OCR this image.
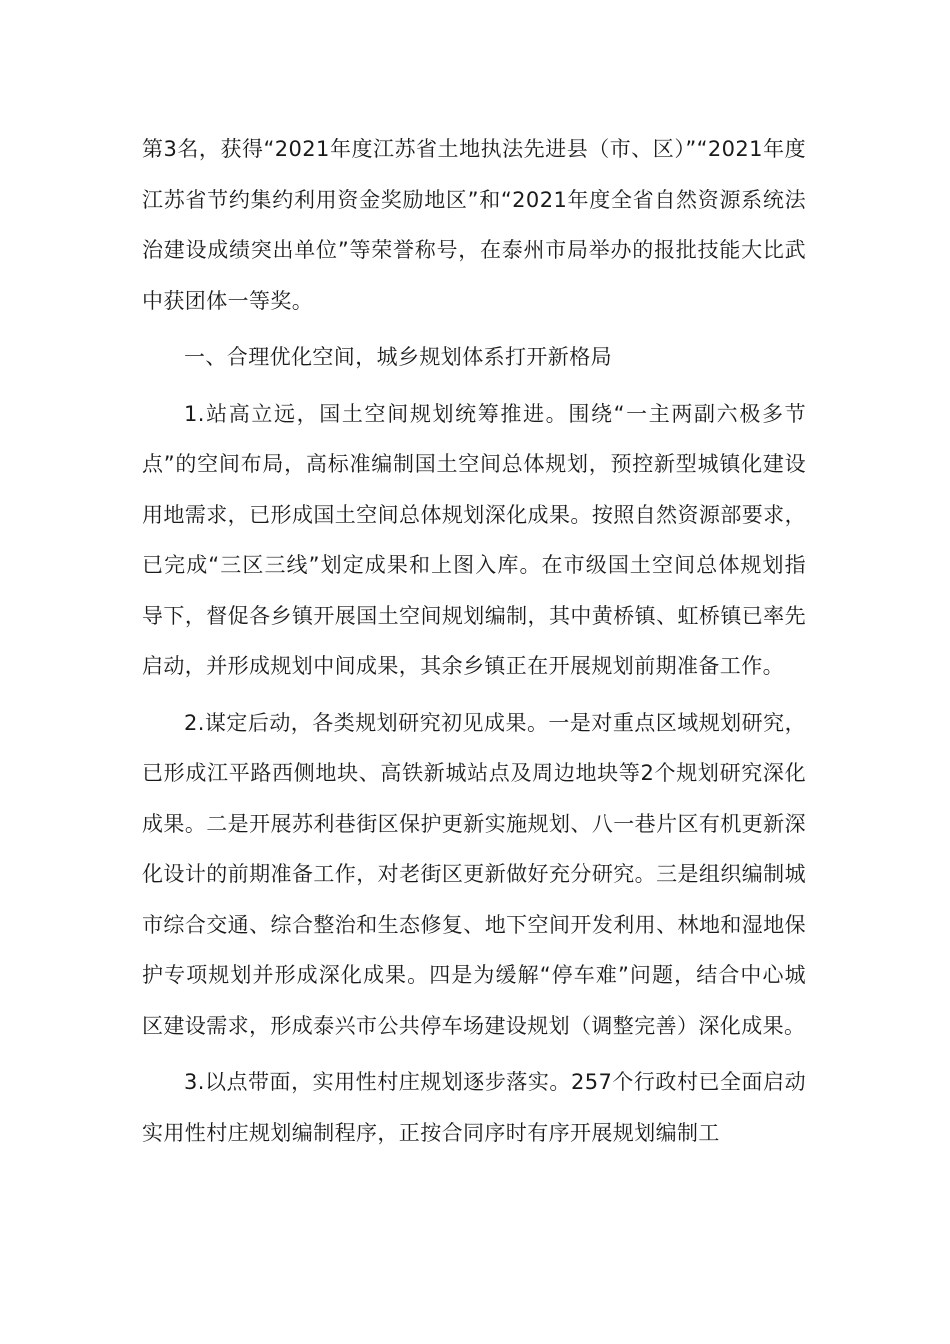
第3名，获得“2021年度江苏省土地执法先进县（市、区）”“2021年度江苏省节约集约利用资金奖励地区”和“2021年度全省自然资源系统法治建设成绩突出单位”等荣誉称号，在泰州市局举办的报批技能大比武中获团体一等奖。

一、合理优化空间，城乡规划体系打开新格局

1.站高立远，国土空间规划统筹推进。围绕“一主两副六极多节点”的空间布局，高标准编制国土空间总体规划，预控新型城镇化建设用地需求，已形成国土空间总体规划深化成果。按照自然资源部要求，已完成“三区三线”划定成果和上图入库。在市级国土空间总体规划指导下，督促各乡镇开展国土空间规划编制，其中黄桥镇、虹桥镇已率先启动，并形成规划中间成果，其余乡镇正在开展规划前期准备工作。

2.谋定后动，各类规划研究初见成果。一是对重点区域规划研究，已形成江平路西侧地块、高铁新城站点及周边地块等2个规划研究深化成果。二是开展苏利巷街区保护更新实施规划、八一巷片区有机更新深化设计的前期准备工作，对老街区更新做好充分研究。三是组织编制城市综合交通、综合整治和生态修复、地下空间开发利用、林地和湿地保护专项规划并形成深化成果。四是为缓解“停车难”问题，结合中心城区建设需求，形成泰兴市公共停车场建设规划（调整完善）深化成果。

3.以点带面，实用性村庄规划逐步落实。257个行政村已全面启动实用性村庄规划编制程序，正按合同序时有序开展规划编制工
